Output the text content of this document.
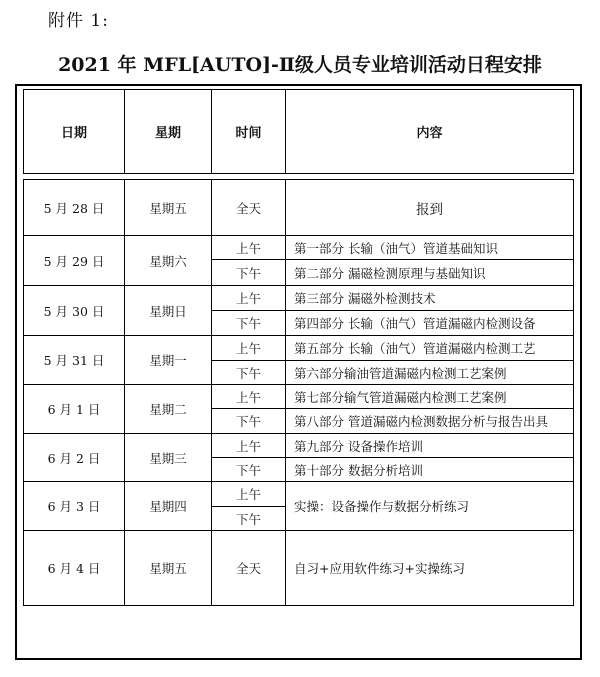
附件 1:
2021 年 MFL[AUTO]-Ⅱ级人员专业培训活动日程安排
日期	星期	时间	内容

5 月 28 日	星期五	全天	报到
5 月 29 日	星期六	上午	第一部分 长输（油气）管道基础知识
		下午	第二部分 漏磁检测原理与基础知识
5 月 30 日	星期日	上午	第三部分 漏磁外检测技术
		下午	第四部分 长输（油气）管道漏磁内检测设备
5 月 31 日	星期一	上午	第五部分 长输（油气）管道漏磁内检测工艺
		下午	第六部分输油管道漏磁内检测工艺案例
6 月 1 日	星期二	上午	第七部分输气管道漏磁内检测工艺案例
		下午	第八部分 管道漏磁内检测数据分析与报告出具
6 月 2 日	星期三	上午	第九部分 设备操作培训
		下午	第十部分 数据分析培训
6 月 3 日	星期四	上午	实操：设备操作与数据分析练习
		下午	
6 月 4 日	星期五	全天	自习+应用软件练习+实操练习
